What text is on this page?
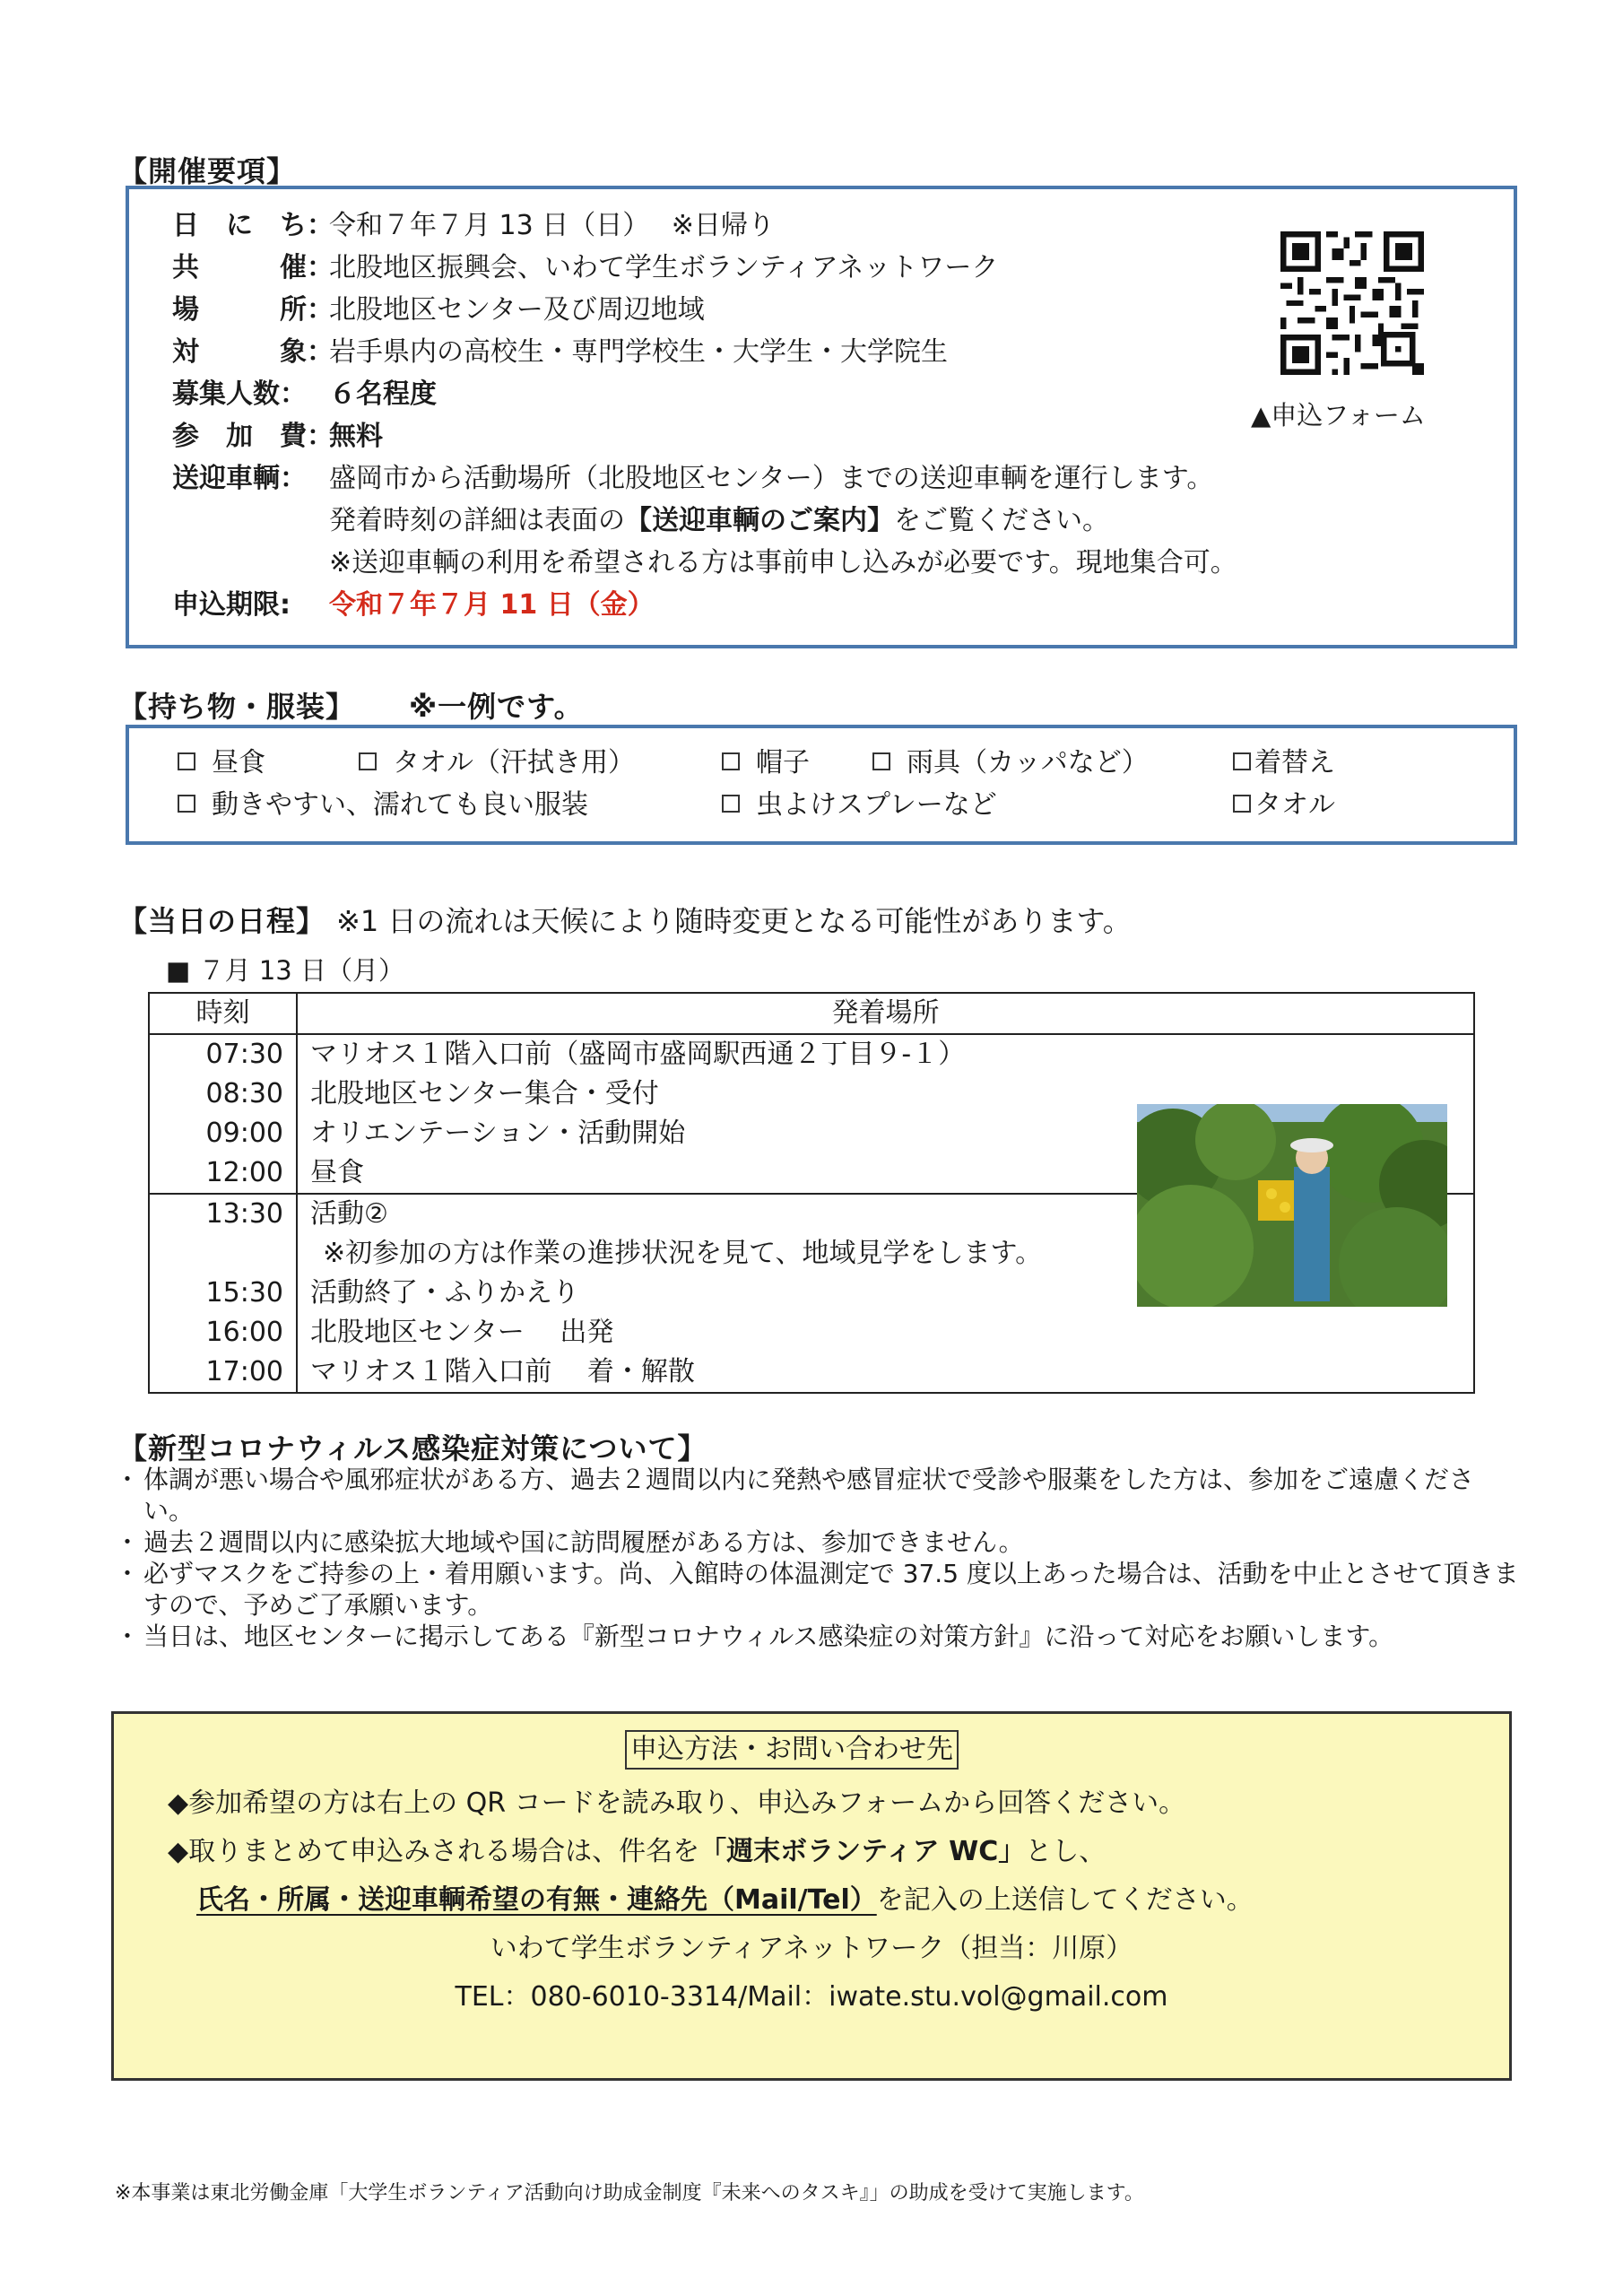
【開催要項】
日　に　ち：
令和７年７月 13 日（日）　 ※日帰り
共　　　催：
北股地区振興会、いわて学生ボランティアネットワーク
場　　　所：
北股地区センター及び周辺地域
対　　　象：
岩手県内の高校生・専門学校生・大学生・大学院生
募集人数： ６名程度
参　加　費：
無料
送迎車輌： 盛岡市から活動場所（北股地区センター）までの送迎車輌を運行します。
発着時刻の詳細は表面の【送迎車輌のご案内】をご覧ください。
※送迎車輌の利用を希望される方は事前申し込みが必要です。現地集合可。
申込期限:	令和７年７月 11 日（金）
▲申込フォーム
【持ち物・服装】 ※一例です。
昼食	タオル（汗拭き用）	帽子	雨具（カッパなど）	着替え
動きやすい、濡れても良い服装	虫よけスプレーなど	タオル
【当日の日程】 ※1 日の流れは天候により随時変更となる可能性があります。
■ ７月 13 日（月）
時刻	発着場所
07:30	マリオス１階入口前（盛岡市盛岡駅西通２丁目９-１）
08:30	北股地区センター集合・受付
09:00	オリエンテーション・活動開始
12:00	昼食
13:30	活動②
	※初参加の方は作業の進捗状況を見て、地域見学をします。
15:30	活動終了・ふりかえり
16:00	北股地区センター　 出発
17:00	マリオス１階入口前　 着・解散
【新型コロナウィルス感染症対策について】
・ 体調が悪い場合や風邪症状がある方、過去２週間以内に発熱や感冒症状で受診や服薬をした方は、参加をご遠慮ください。
・ 過去２週間以内に感染拡大地域や国に訪問履歴がある方は、参加できません。
・ 必ずマスクをご持参の上・着用願います。尚、入館時の体温測定で 37.5 度以上あった場合は、活動を中止とさせて頂きますので、予めご了承願います。
・ 当日は、地区センターに掲示してある『新型コロナウィルス感染症の対策方針』に沿って対応をお願いします。
申込方法・お問い合わせ先
◆参加希望の方は右上の QR コードを読み取り、申込みフォームから回答ください。
◆取りまとめて申込みされる場合は、件名を「週末ボランティア WC」とし、
氏名・所属・送迎車輌希望の有無・連絡先（Mail/Tel）を記入の上送信してください。
いわて学生ボランティアネットワーク（担当：川原）
TEL：080-6010-3314/Mail：iwate.stu.vol@gmail.com
※本事業は東北労働金庫「大学生ボランティア活動向け助成金制度『未来へのタスキ』」の助成を受けて実施します。
